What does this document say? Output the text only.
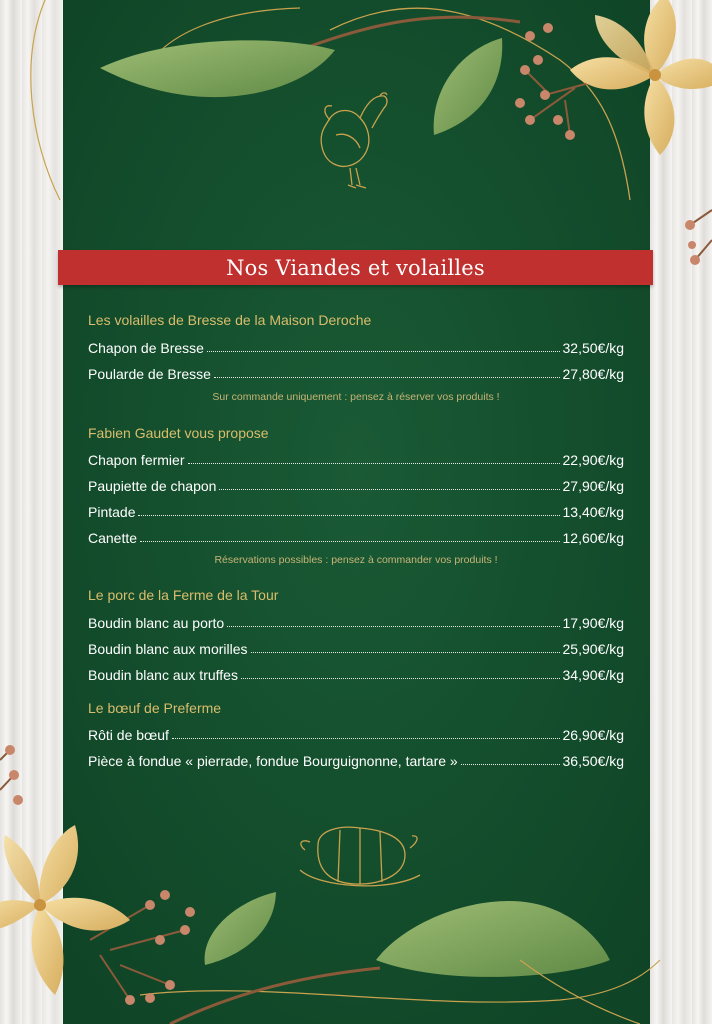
Nos Viandes et volailles
Les volailles de Bresse de la Maison Deroche
Chapon de Bresse	32,50€/kg
Poularde de Bresse	27,80€/kg
Sur commande uniquement : pensez à réserver vos produits !
Fabien Gaudet vous propose
Chapon fermier	22,90€/kg
Paupiette de chapon	27,90€/kg
Pintade	13,40€/kg
Canette	12,60€/kg
Réservations possibles : pensez à commander vos produits !
Le porc de la Ferme de la Tour
Boudin blanc au porto	17,90€/kg
Boudin blanc aux morilles	25,90€/kg
Boudin blanc aux truffes	34,90€/kg
Le bœuf de Preferme
Rôti de bœuf	26,90€/kg
Pièce à fondue « pierrade, fondue Bourguignonne, tartare »	36,50€/kg
